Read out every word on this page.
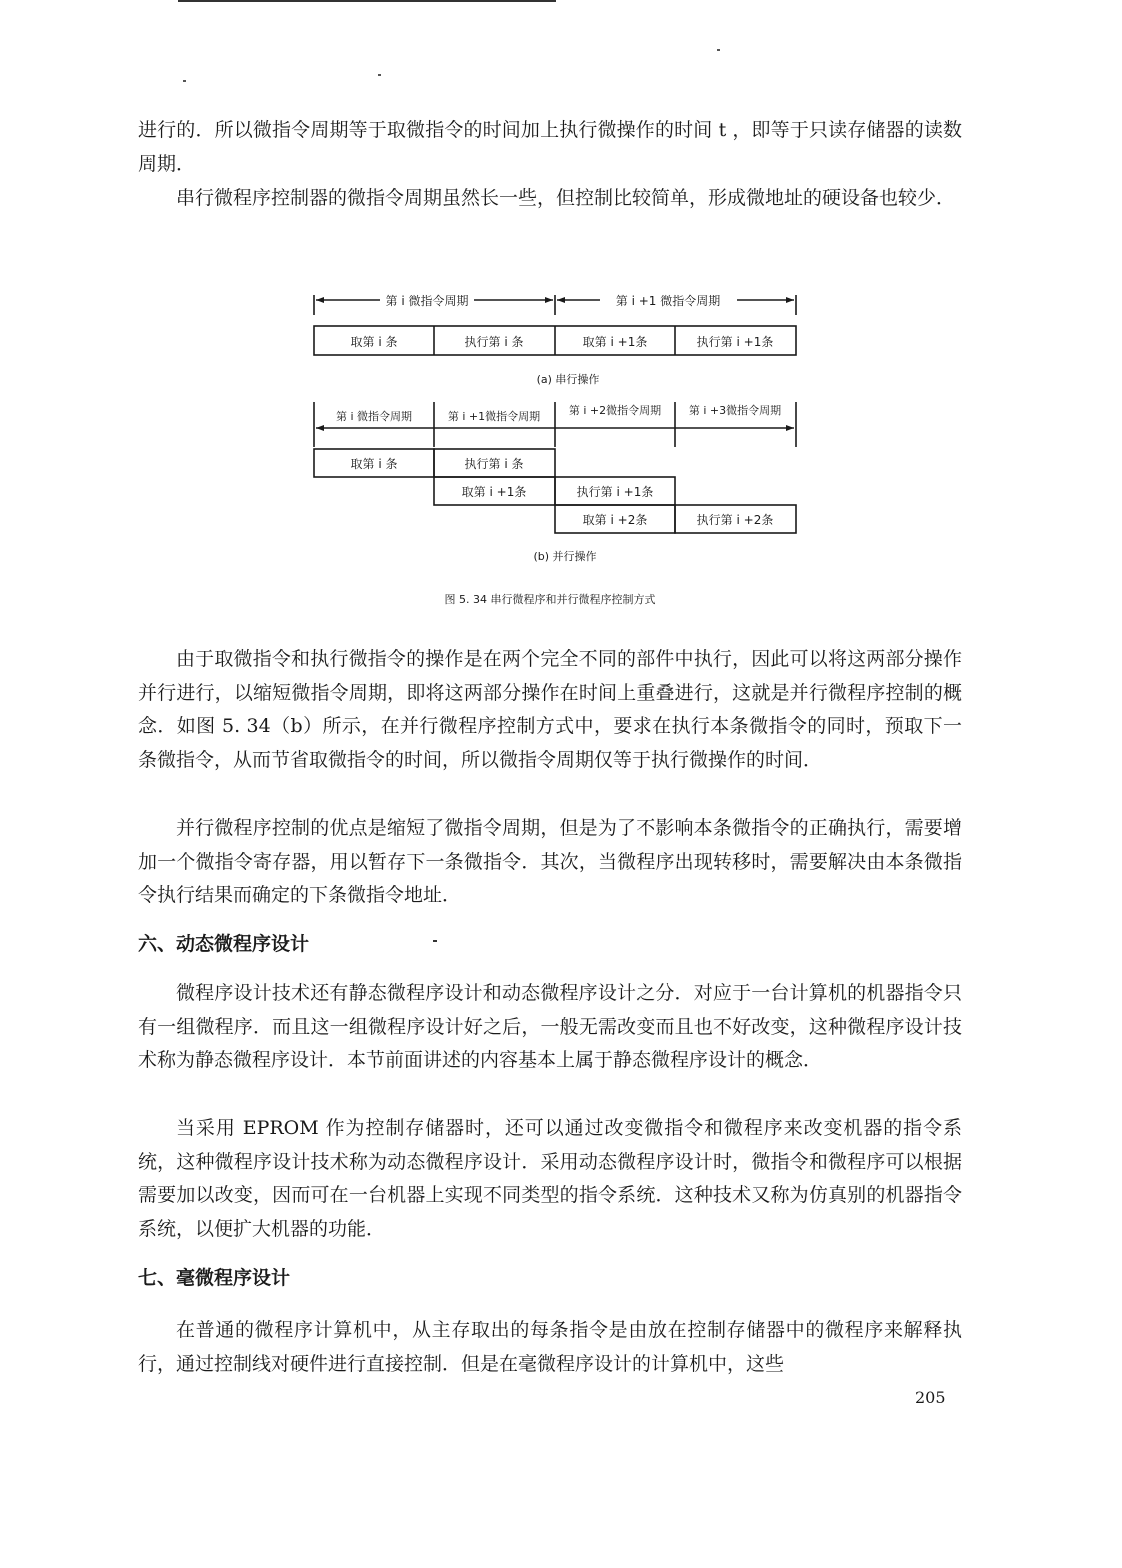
进行的．所以微指令周期等于取微指令的时间加上执行微操作的时间 t ，即等于只读存储器的读数周期．

串行微程序控制器的微指令周期虽然长一些，但控制比较简单，形成微地址的硬设备也较少．

第 i 微指令周期	第 i +1 微指令周期
取第 i 条	执行第 i 条	取第 i +1条	执行第 i +1条
(a) 串行操作
第 i 微指令周期	第 i +1微指令周期	第 i +2微指令周期	第 i +3微指令周期
取第 i 条	执行第 i 条
取第 i +1条	执行第 i +1条
取第 i +2条	执行第 i +2条
(b) 并行操作
图 5. 34 串行微程序和并行微程序控制方式

由于取微指令和执行微指令的操作是在两个完全不同的部件中执行，因此可以将这两部分操作并行进行，以缩短微指令周期，即将这两部分操作在时间上重叠进行，这就是并行微程序控制的概念．如图 5. 34（b）所示，在并行微程序控制方式中，要求在执行本条微指令的同时，预取下一条微指令，从而节省取微指令的时间，所以微指令周期仅等于执行微操作的时间．

并行微程序控制的优点是缩短了微指令周期，但是为了不影响本条微指令的正确执行，需要增加一个微指令寄存器，用以暂存下一条微指令．其次，当微程序出现转移时，需要解决由本条微指令执行结果而确定的下条微指令地址．

六、动态微程序设计

微程序设计技术还有静态微程序设计和动态微程序设计之分．对应于一台计算机的机器指令只有一组微程序．而且这一组微程序设计好之后，一般无需改变而且也不好改变，这种微程序设计技术称为静态微程序设计．本节前面讲述的内容基本上属于静态微程序设计的概念．

当采用 EPROM 作为控制存储器时，还可以通过改变微指令和微程序来改变机器的指令系统，这种微程序设计技术称为动态微程序设计．采用动态微程序设计时，微指令和微程序可以根据需要加以改变，因而可在一台机器上实现不同类型的指令系统．这种技术又称为仿真别的机器指令系统，以便扩大机器的功能．

七、毫微程序设计

在普通的微程序计算机中，从主存取出的每条指令是由放在控制存储器中的微程序来解释执行，通过控制线对硬件进行直接控制．但是在毫微程序设计的计算机中，这些

205
